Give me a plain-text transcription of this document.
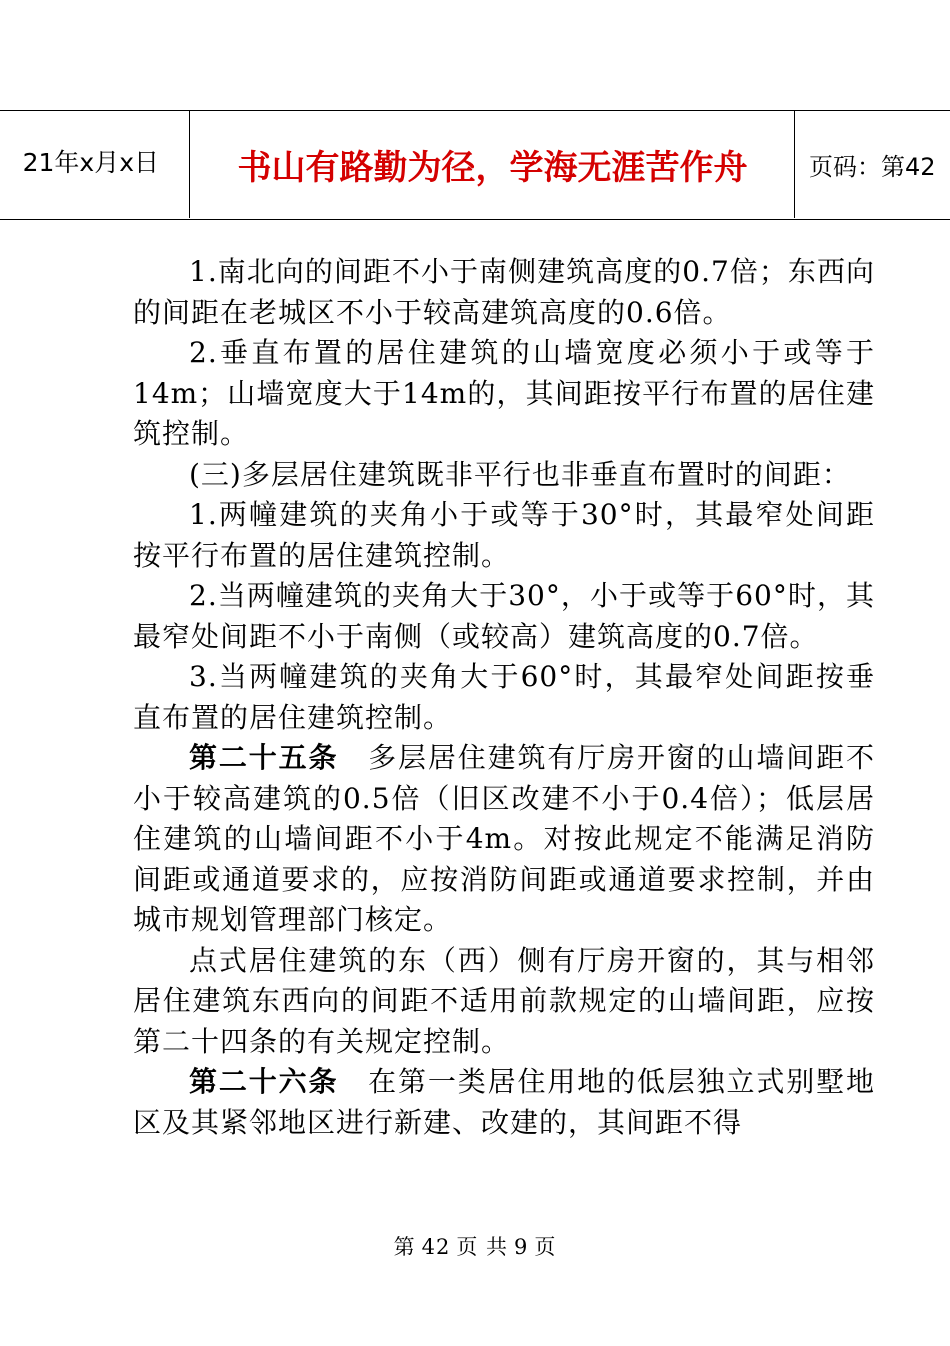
21年x月x日 书山有路勤为径，学海无涯苦作舟	页码：第42

1.南北向的间距不小于南侧建筑高度的0.7倍；东西向的间距在老城区不小于较高建筑高度的0.6倍。

2.垂直布置的居住建筑的山墙宽度必须小于或等于14m；山墙宽度大于14m的，其间距按平行布置的居住建筑控制。

(三)多层居住建筑既非平行也非垂直布置时的间距：

1.两幢建筑的夹角小于或等于30°时，其最窄处间距按平行布置的居住建筑控制。

2.当两幢建筑的夹角大于30°，小于或等于60°时，其最窄处间距不小于南侧（或较高）建筑高度的0.7倍。

3.当两幢建筑的夹角大于60°时，其最窄处间距按垂直布置的居住建筑控制。

第二十五条　多层居住建筑有厅房开窗的山墙间距不小于较高建筑的0.5倍（旧区改建不小于0.4倍）；低层居住建筑的山墙间距不小于4m。对按此规定不能满足消防间距或通道要求的，应按消防间距或通道要求控制，并由城市规划管理部门核定。

点式居住建筑的东（西）侧有厅房开窗的，其与相邻居住建筑东西向的间距不适用前款规定的山墙间距，应按第二十四条的有关规定控制。

第二十六条　在第一类居住用地的低层独立式别墅地区及其紧邻地区进行新建、改建的，其间距不得

第 42 页 共 9 页
